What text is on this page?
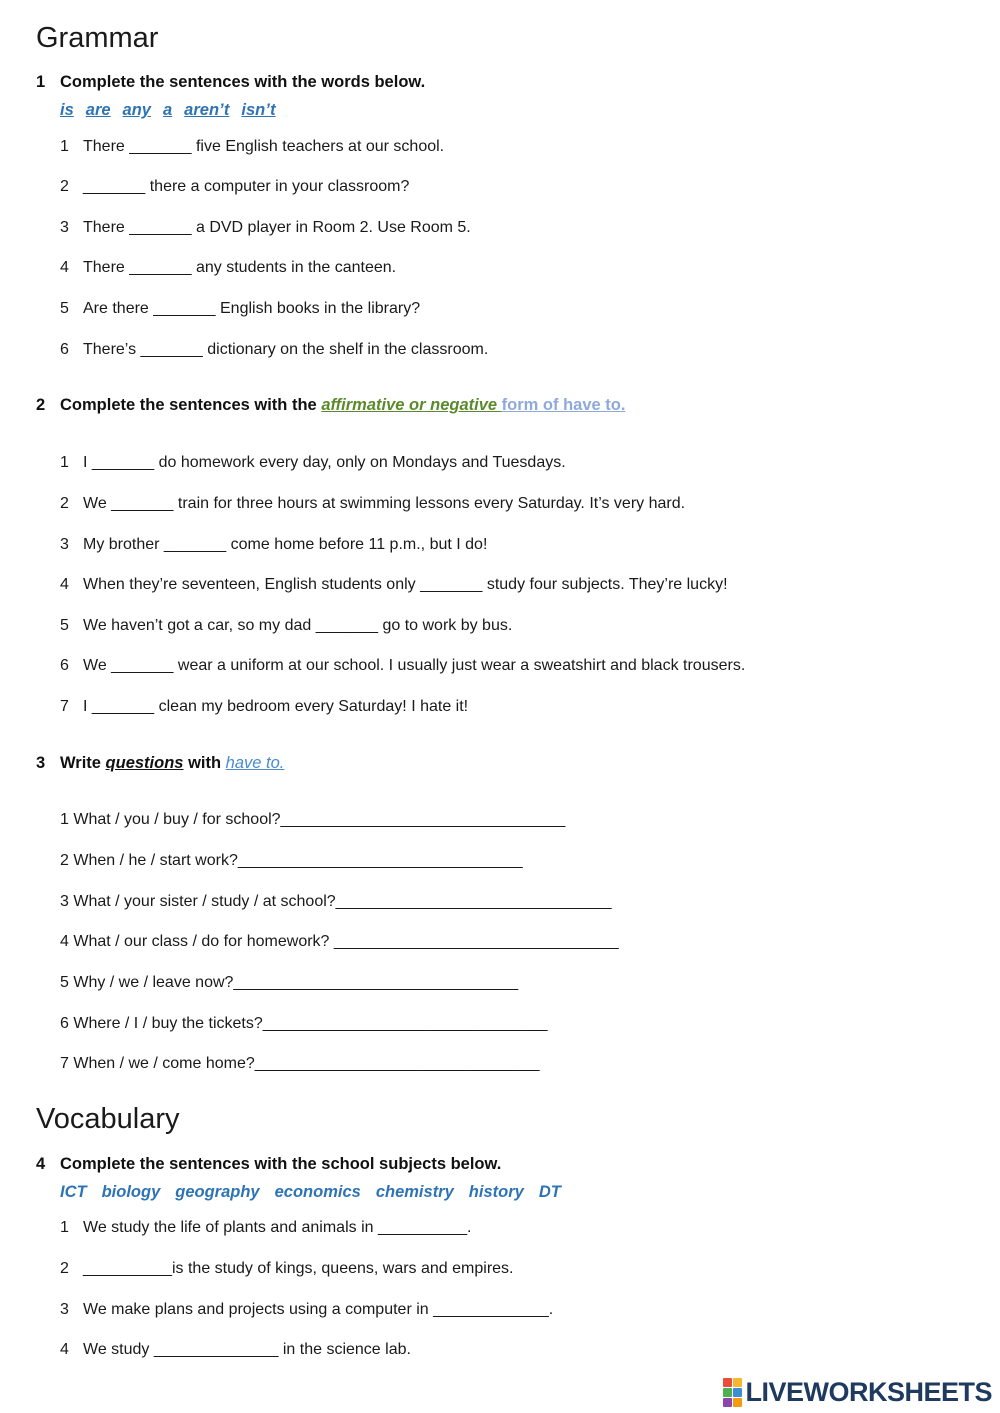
Grammar
1 Complete the sentences with the words below.
is are any a aren’t isn’t
1 There _______ five English teachers at our school.
2 _______ there a computer in your classroom?
3 There _______ a DVD player in Room 2. Use Room 5.
4 There _______ any students in the canteen.
5 Are there _______ English books in the library?
6 There’s _______ dictionary on the shelf in the classroom.
2 Complete the sentences with the affirmative or negative form of have to.
1 I _______ do homework every day, only on Mondays and Tuesdays.
2 We _______ train for three hours at swimming lessons every Saturday. It’s very hard.
3 My brother _______ come home before 11 p.m., but I do!
4 When they’re seventeen, English students only _______ study four subjects. They’re lucky!
5 We haven’t got a car, so my dad _______ go to work by bus.
6 We _______ wear a uniform at our school. I usually just wear a sweatshirt and black trousers.
7 I _______ clean my bedroom every Saturday! I hate it!
3 Write questions with have to.
1 What / you / buy / for school?________________________________
2 When / he / start work?________________________________
3 What / your sister / study / at school?_______________________________
4 What / our class / do for homework? ________________________________
5 Why / we / leave now?________________________________
6 Where / I / buy the tickets?________________________________
7 When / we / come home?________________________________
Vocabulary
4 Complete the sentences with the school subjects below.
ICT biology geography economics chemistry history DT
1 We study the life of plants and animals in __________.
2 __________is the study of kings, queens, wars and empires.
3 We make plans and projects using a computer in _____________.
4 We study ______________ in the science lab.
LIVEWORKSHEETS
